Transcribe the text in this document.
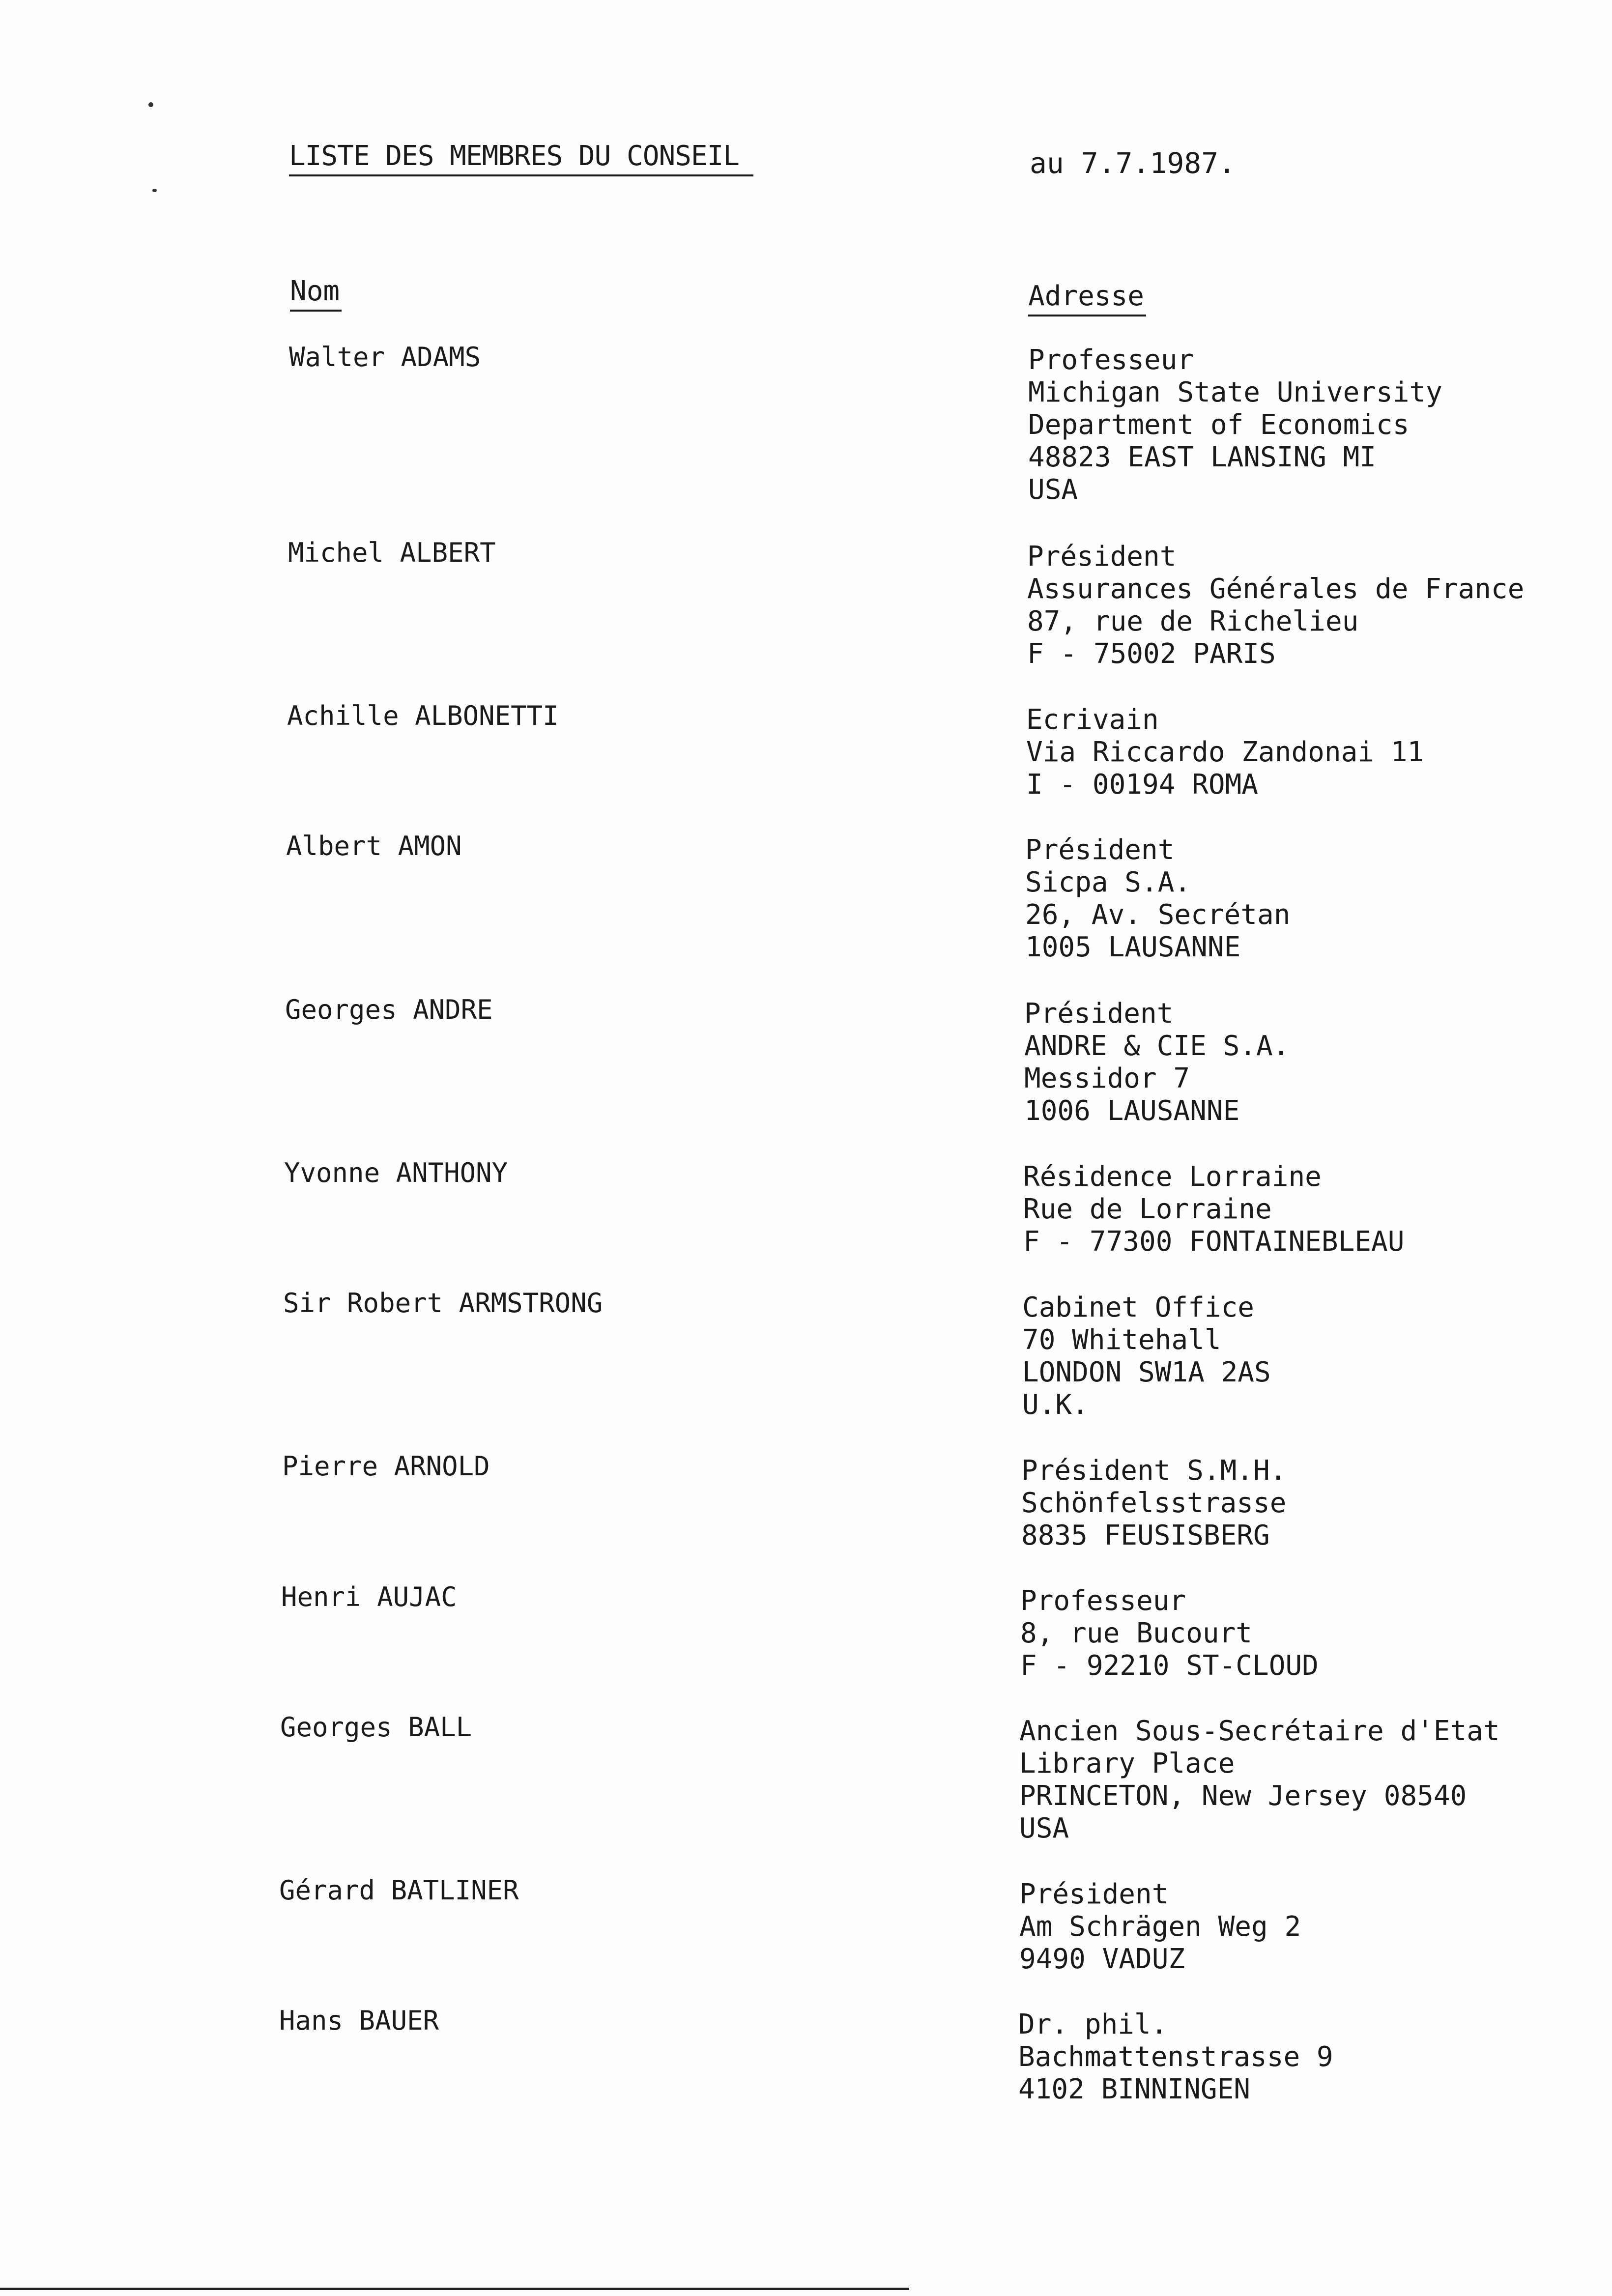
LISTE DES MEMBRES DU CONSEIL	au 7.7.1987.
Nom	Adresse
Walter ADAMS	Professeur
Michigan State University
Department of Economics
48823 EAST LANSING MI
USA
Michel ALBERT	Président
Assurances Générales de France
87, rue de Richelieu
F - 75002 PARIS
Achille ALBONETTI	Ecrivain
Via Riccardo Zandonai 11
I - 00194 ROMA
Albert AMON	Président
Sicpa S.A.
26, Av. Secrétan
1005 LAUSANNE
Georges ANDRE	Président
ANDRE & CIE S.A.
Messidor 7
1006 LAUSANNE
Yvonne ANTHONY	Résidence Lorraine
Rue de Lorraine
F - 77300 FONTAINEBLEAU
Sir Robert ARMSTRONG	Cabinet Office
70 Whitehall
LONDON SW1A 2AS
U.K.
Pierre ARNOLD	Président S.M.H.
Schönfelsstrasse
8835 FEUSISBERG
Henri AUJAC	Professeur
8, rue Bucourt
F - 92210 ST-CLOUD
Georges BALL	Ancien Sous-Secrétaire d'Etat
Library Place
PRINCETON, New Jersey 08540
USA
Gérard BATLINER	Président
Am Schrägen Weg 2
9490 VADUZ
Hans BAUER	Dr. phil.
Bachmattenstrasse 9
4102 BINNINGEN
